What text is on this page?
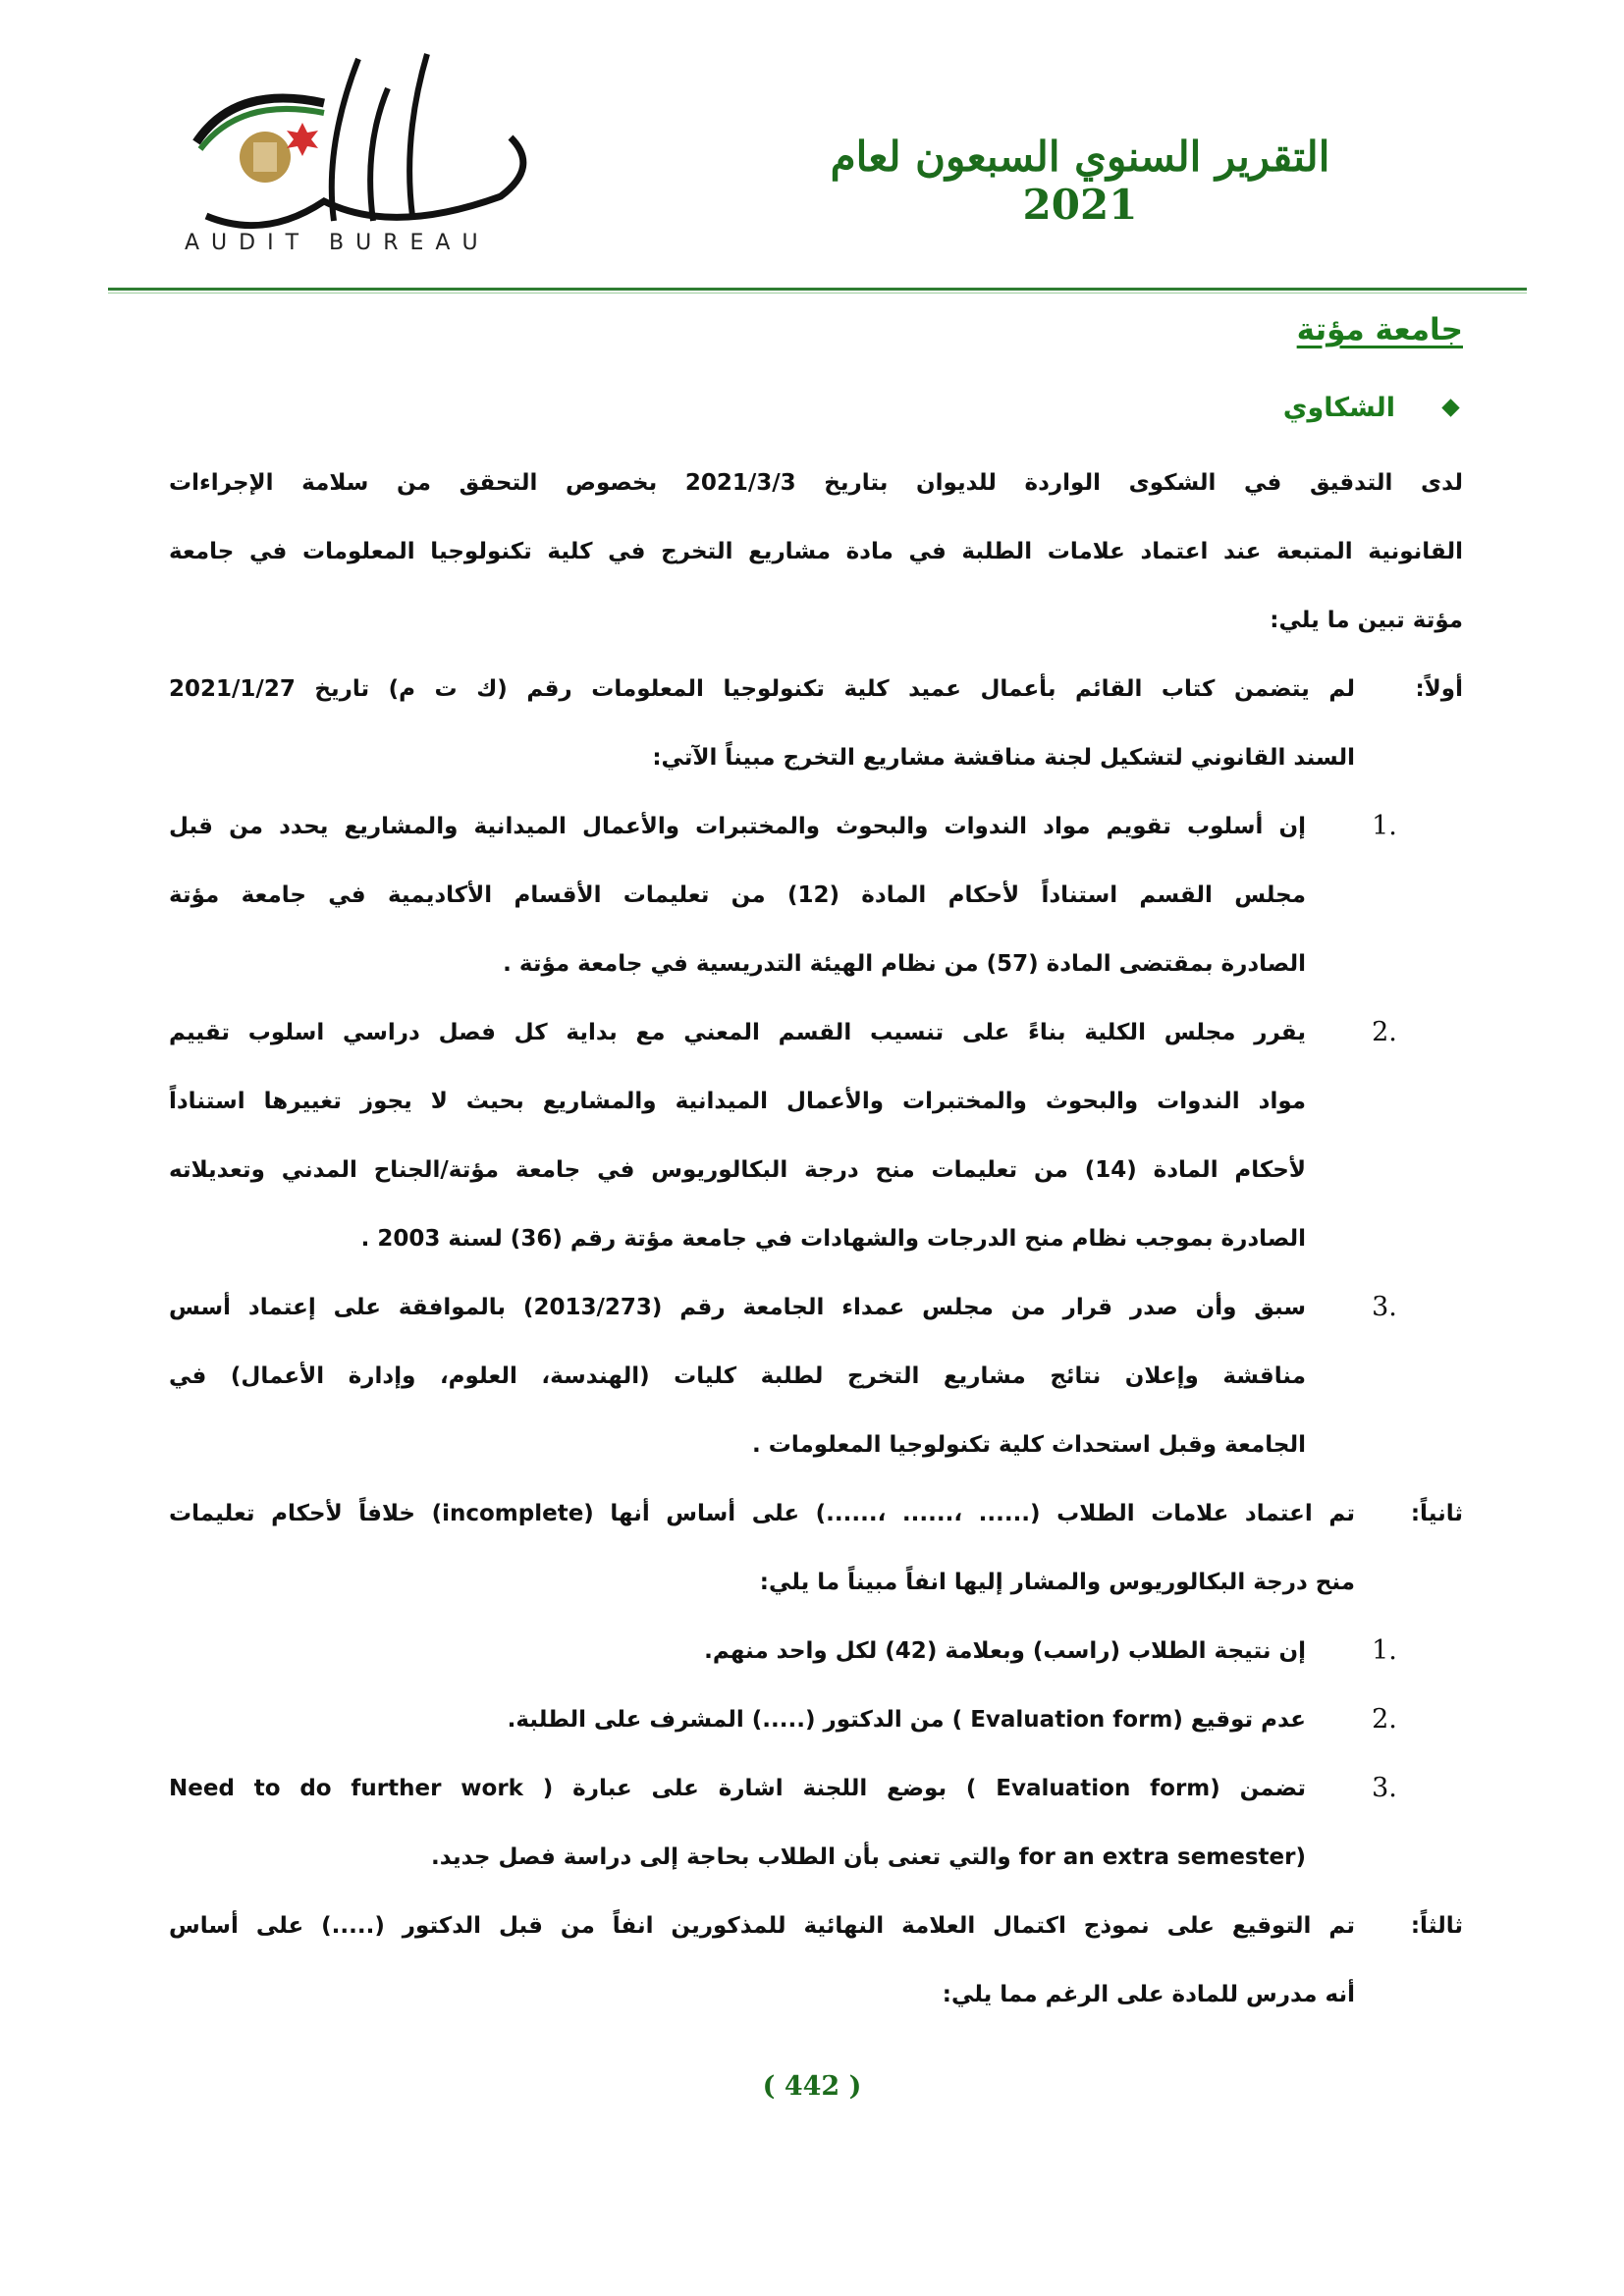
AUDIT BUREAU
التقرير السنوي السبعون لعام 2021
جامعة مؤتة
الشكاوي
لدى التدقيق في الشكوى الواردة للديوان بتاريخ 2021/3/3 بخصوص التحقق من سلامة الإجراءات
القانونية المتبعة عند اعتماد علامات الطلبة في مادة مشاريع التخرج في كلية تكنولوجيا المعلومات في جامعة
مؤتة تبين ما يلي:
أولاً:
لم يتضمن كتاب القائم بأعمال عميد كلية تكنولوجيا المعلومات رقم (ك ت م) تاريخ 2021/1/27
السند القانوني لتشكيل لجنة مناقشة مشاريع التخرج مبيناً الآتي:
.1
إن أسلوب تقويم مواد الندوات والبحوث والمختبرات والأعمال الميدانية والمشاريع يحدد من قبل
مجلس القسم استناداً لأحكام المادة (12) من تعليمات الأقسام الأكاديمية في جامعة مؤتة
الصادرة بمقتضى المادة (57) من نظام الهيئة التدريسية في جامعة مؤتة .
.2
يقرر مجلس الكلية بناءً على تنسيب القسم المعني مع بداية كل فصل دراسي اسلوب تقييم
مواد الندوات والبحوث والمختبرات والأعمال الميدانية والمشاريع بحيث لا يجوز تغييرها استناداً
لأحكام المادة (14) من تعليمات منح درجة البكالوريوس في جامعة مؤتة/الجناح المدني وتعديلاته
الصادرة بموجب نظام منح الدرجات والشهادات في جامعة مؤتة رقم (36) لسنة 2003 .
.3
سبق وأن صدر قرار من مجلس عمداء الجامعة رقم (2013/273) بالموافقة على إعتماد أسس
مناقشة وإعلان نتائج مشاريع التخرج لطلبة كليات (الهندسة، العلوم، وإدارة الأعمال) في
الجامعة وقبل استحداث كلية تكنولوجيا المعلومات .
ثانياً:
تم اعتماد علامات الطلاب (...... ،...... ،......) على أساس أنها (incomplete) خلافاً لأحكام تعليمات
منح درجة البكالوريوس والمشار إليها انفاً مبيناً ما يلي:
.1
إن نتيجة الطلاب (راسب) وبعلامة (42) لكل واحد منهم.
.2
عدم توقيع (Evaluation form ) من الدكتور (.....) المشرف على الطلبة.
.3
تضمن (Evaluation form ) بوضع اللجنة اشارة على عبارة ( Need to do further work
(for an extra semester والتي تعنى بأن الطلاب بحاجة إلى دراسة فصل جديد.
ثالثاً:
تم التوقيع على نموذج اكتمال العلامة النهائية للمذكورين انفاً من قبل الدكتور (.....) على أساس
أنه مدرس للمادة على الرغم مما يلي:
( 442 )
